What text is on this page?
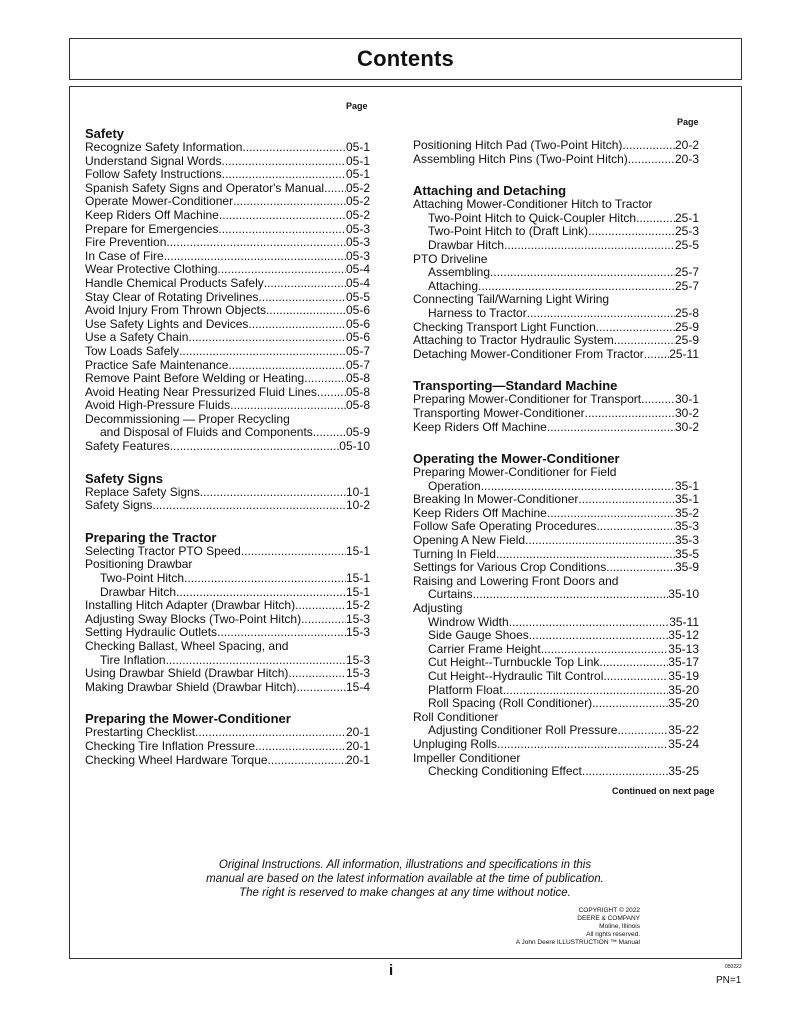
Contents
Page
Page
Safety
Recognize Safety Information .....	05-1
Understand Signal Words .....	05-1
Follow Safety Instructions .....	05-1
Spanish Safety Signs and Operator's Manual ..... 05-2
Operate Mower-Conditioner .....	05-2
Keep Riders Off Machine .....	05-2
Prepare for Emergencies .....	05-3
Fire Prevention .....	05-3
In Case of Fire .....	05-3
Wear Protective Clothing .....	05-4
Handle Chemical Products Safely .....	05-4
Stay Clear of Rotating Drivelines .....	05-5
Avoid Injury From Thrown Objects .....	05-6
Use Safety Lights and Devices .....	05-6
Use a Safety Chain .....	05-6
Tow Loads Safely .....	05-7
Practice Safe Maintenance .....	05-7
Remove Paint Before Welding or Heating .....	05-8
Avoid Heating Near Pressurized Fluid Lines ..... 05-8
Avoid High-Pressure Fluids .....	05-8
Decommissioning — Proper Recycling
and Disposal of Fluids and Components .....	05-9
Safety Features .....	05-10
Safety Signs
Replace Safety Signs .....	10-1
Safety Signs .....	10-2
Preparing the Tractor
Selecting Tractor PTO Speed .....	15-1
Positioning Drawbar
Two-Point Hitch .....	15-1
Drawbar Hitch .....	15-1
Installing Hitch Adapter (Drawbar Hitch) .....	15-2
Adjusting Sway Blocks (Two-Point Hitch) .....	15-3
Setting Hydraulic Outlets .....	15-3
Checking Ballast, Wheel Spacing, and
Tire Inflation .....	15-3
Using Drawbar Shield (Drawbar Hitch) .....	15-3
Making Drawbar Shield (Drawbar Hitch) .....	15-4
Preparing the Mower-Conditioner
Prestarting Checklist .....	20-1
Checking Tire Inflation Pressure .....	20-1
Checking Wheel Hardware Torque .....	20-1
Positioning Hitch Pad (Two-Point Hitch) .....	20-2
Assembling Hitch Pins (Two-Point Hitch) .....	20-3
Attaching and Detaching
Attaching Mower-Conditioner Hitch to Tractor
Two-Point Hitch to Quick-Coupler Hitch .....	25-1
Two-Point Hitch to (Draft Link) .....	25-3
Drawbar Hitch .....	25-5
PTO Driveline
Assembling .....	25-7
Attaching .....	25-7
Connecting Tail/Warning Light Wiring
Harness to Tractor .....	25-8
Checking Transport Light Function .....	25-9
Attaching to Tractor Hydraulic System .....	25-9
Detaching Mower-Conditioner From Tractor ..... 25-11
Transporting—Standard Machine
Preparing Mower-Conditioner for Transport .....	30-1
Transporting Mower-Conditioner .....	30-2
Keep Riders Off Machine .....	30-2
Operating the Mower-Conditioner
Preparing Mower-Conditioner for Field
Operation .....	35-1
Breaking In Mower-Conditioner .....	35-1
Keep Riders Off Machine .....	35-2
Follow Safe Operating Procedures .....	35-3
Opening A New Field .....	35-3
Turning In Field .....	35-5
Settings for Various Crop Conditions .....	35-9
Raising and Lowering Front Doors and
Curtains .....	35-10
Adjusting
Windrow Width .....	35-11
Side Gauge Shoes .....	35-12
Carrier Frame Height .....	35-13
Cut Height--Turnbuckle Top Link .....	35-17
Cut Height--Hydraulic Tilt Control .....	35-19
Platform Float .....	35-20
Roll Spacing (Roll Conditioner) .....	35-20
Roll Conditioner
Adjusting Conditioner Roll Pressure .....	35-22
Unpluging Rolls .....	35-24
Impeller Conditioner
Checking Conditioning Effect .....	35-25
Continued on next page
Original Instructions. All information, illustrations and specifications in this
manual are based on the latest information available at the time of publication.
The right is reserved to make changes at any time without notice.
COPYRIGHT © 2022
DEERE & COMPANY
Moline, Illinois
All rights reserved.
A John Deere ILLUSTRUCTION ™ Manual
i	050222
PN=1
